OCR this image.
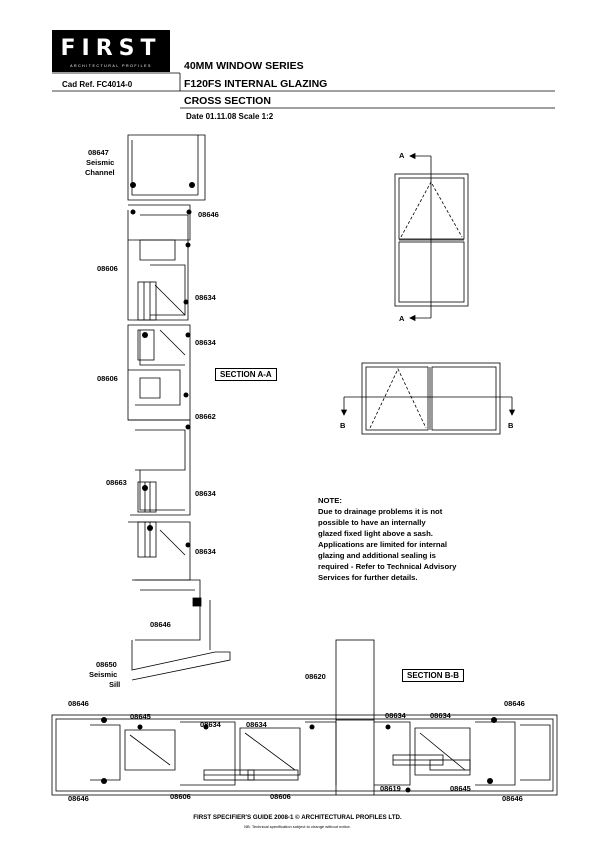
FIRST
ARCHITECTURAL PROFILES	40MM WINDOW SERIES
F120FS INTERNAL GLAZING
CROSS SECTION
Cad Ref. FC4014-0
Date 01.11.08 Scale 1:2
A
A
B	B
08647
Seismic
Channel
08646
08606
08634
08634
08606	SECTION A-A
08662
08663
08634
08634
08646
08650
Seismic
Sill
NOTE:
Due to drainage problems it is not
possible to have an internally
glazed fixed light above a sash.
Applications are limited for internal
glazing and additional sealing is
required - Refer to Technical Advisory
Services for further details.
08620	SECTION B-B
08646
08645
08634	08634
08634	08634
08646
08646	08606	08606
08619	08645
08646
FIRST SPECIFIER'S GUIDE 2008-1 © ARCHITECTURAL PROFILES LTD.
NB. Technical specification subject to change without notice.
